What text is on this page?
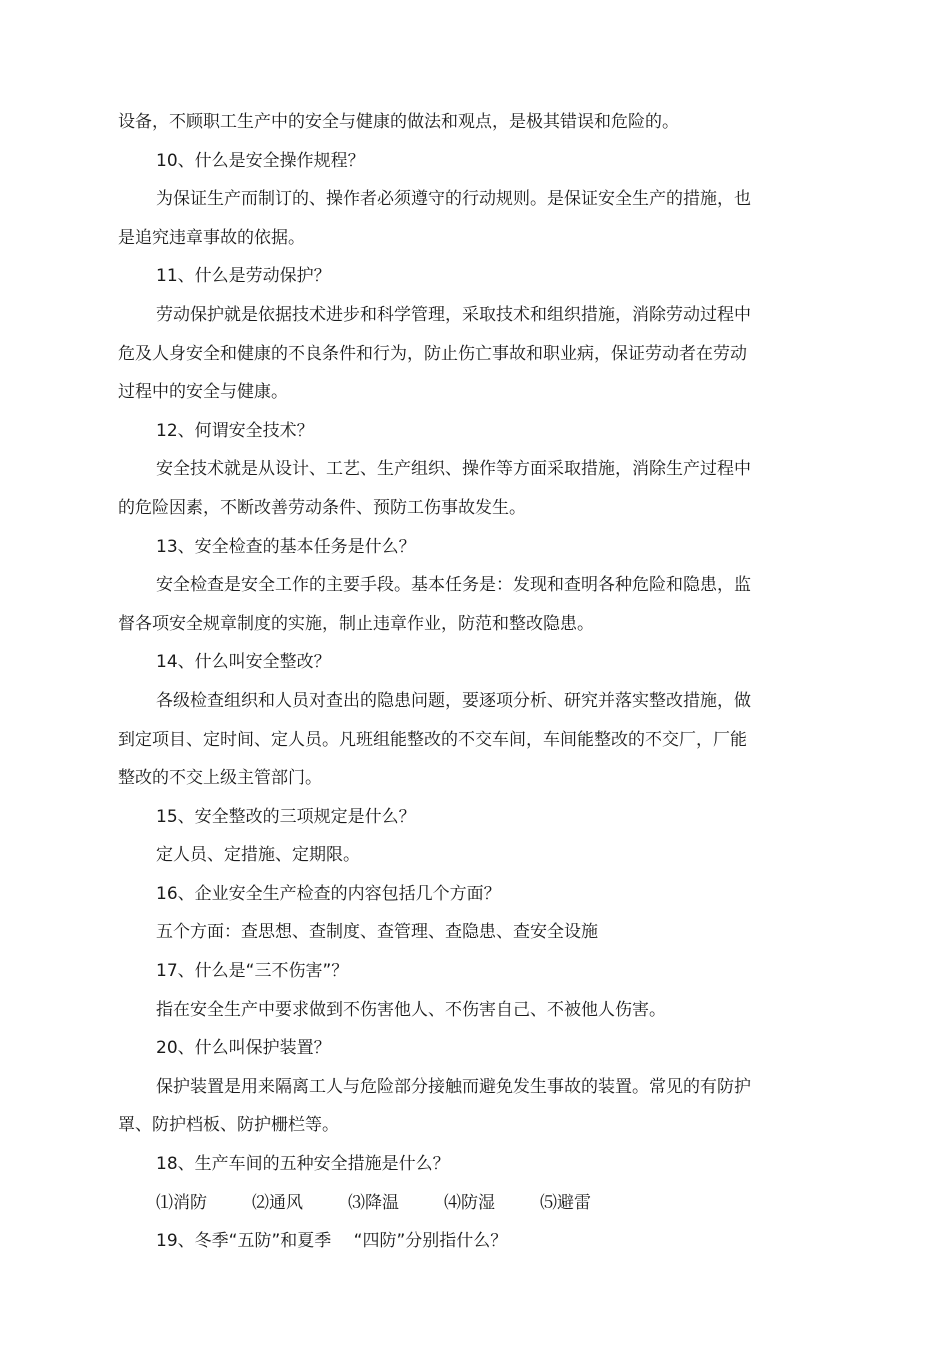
设备，不顾职工生产中的安全与健康的做法和观点，是极其错误和危险的。
10、什么是安全操作规程？
为保证生产而制订的、操作者必须遵守的行动规则。是保证安全生产的措施，也
是追究违章事故的依据。
11、什么是劳动保护？
劳动保护就是依据技术进步和科学管理，采取技术和组织措施，消除劳动过程中
危及人身安全和健康的不良条件和行为，防止伤亡事故和职业病，保证劳动者在劳动
过程中的安全与健康。
12、何谓安全技术？
安全技术就是从设计、工艺、生产组织、操作等方面采取措施，消除生产过程中
的危险因素，不断改善劳动条件、预防工伤事故发生。
13、安全检查的基本任务是什么？
安全检查是安全工作的主要手段。基本任务是：发现和查明各种危险和隐患，监
督各项安全规章制度的实施，制止违章作业，防范和整改隐患。
14、什么叫安全整改？
各级检查组织和人员对查出的隐患问题，要逐项分析、研究并落实整改措施，做
到定项目、定时间、定人员。凡班组能整改的不交车间，车间能整改的不交厂，厂能
整改的不交上级主管部门。
15、安全整改的三项规定是什么？
定人员、定措施、定期限。
16、企业安全生产检查的内容包括几个方面？
五个方面：查思想、查制度、查管理、查隐患、查安全设施
17、什么是“三不伤害”？
指在安全生产中要求做到不伤害他人、不伤害自己、不被他人伤害。
20、什么叫保护装置？
保护装置是用来隔离工人与危险部分接触而避免发生事故的装置。常见的有防护
罩、防护档板、防护栅栏等。
18、生产车间的五种安全措施是什么？
⑴消防	⑵通风	⑶降温	⑷防湿	⑸避雷
19、冬季“五防”和夏季　 “四防”分别指什么？
